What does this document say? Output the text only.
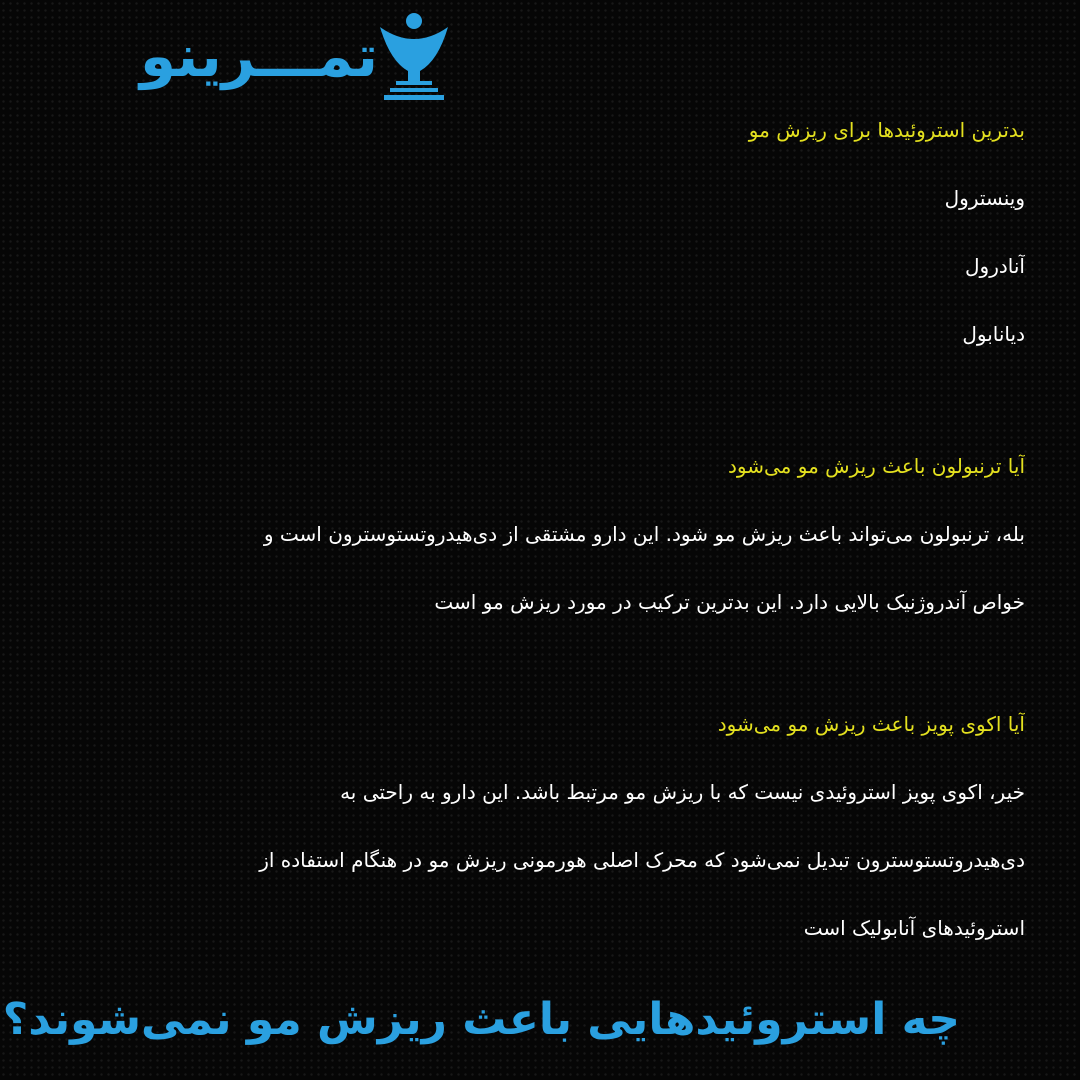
تمـــرینو
بدترین استروئیدها برای ریزش مو
وینسترول
آنادرول
دیانابول
آیا ترنبولون باعث ریزش مو می‌شود
بله، ترنبولون می‌تواند باعث ریزش مو شود. این دارو مشتقی از دی‌هیدروتستوسترون است و
خواص آندروژنیک بالایی دارد. این بدترین ترکیب در مورد ریزش مو است
آیا اکوی پویز باعث ریزش مو می‌شود
خیر، اکوی پویز استروئیدی نیست که با ریزش مو مرتبط باشد. این دارو به راحتی به
دی‌هیدروتستوسترون تبدیل نمی‌شود که محرک اصلی هورمونی ریزش مو در هنگام استفاده از
استروئیدهای آنابولیک است
چه استروئیدهایی باعث ریزش مو نمی‌شوند؟
